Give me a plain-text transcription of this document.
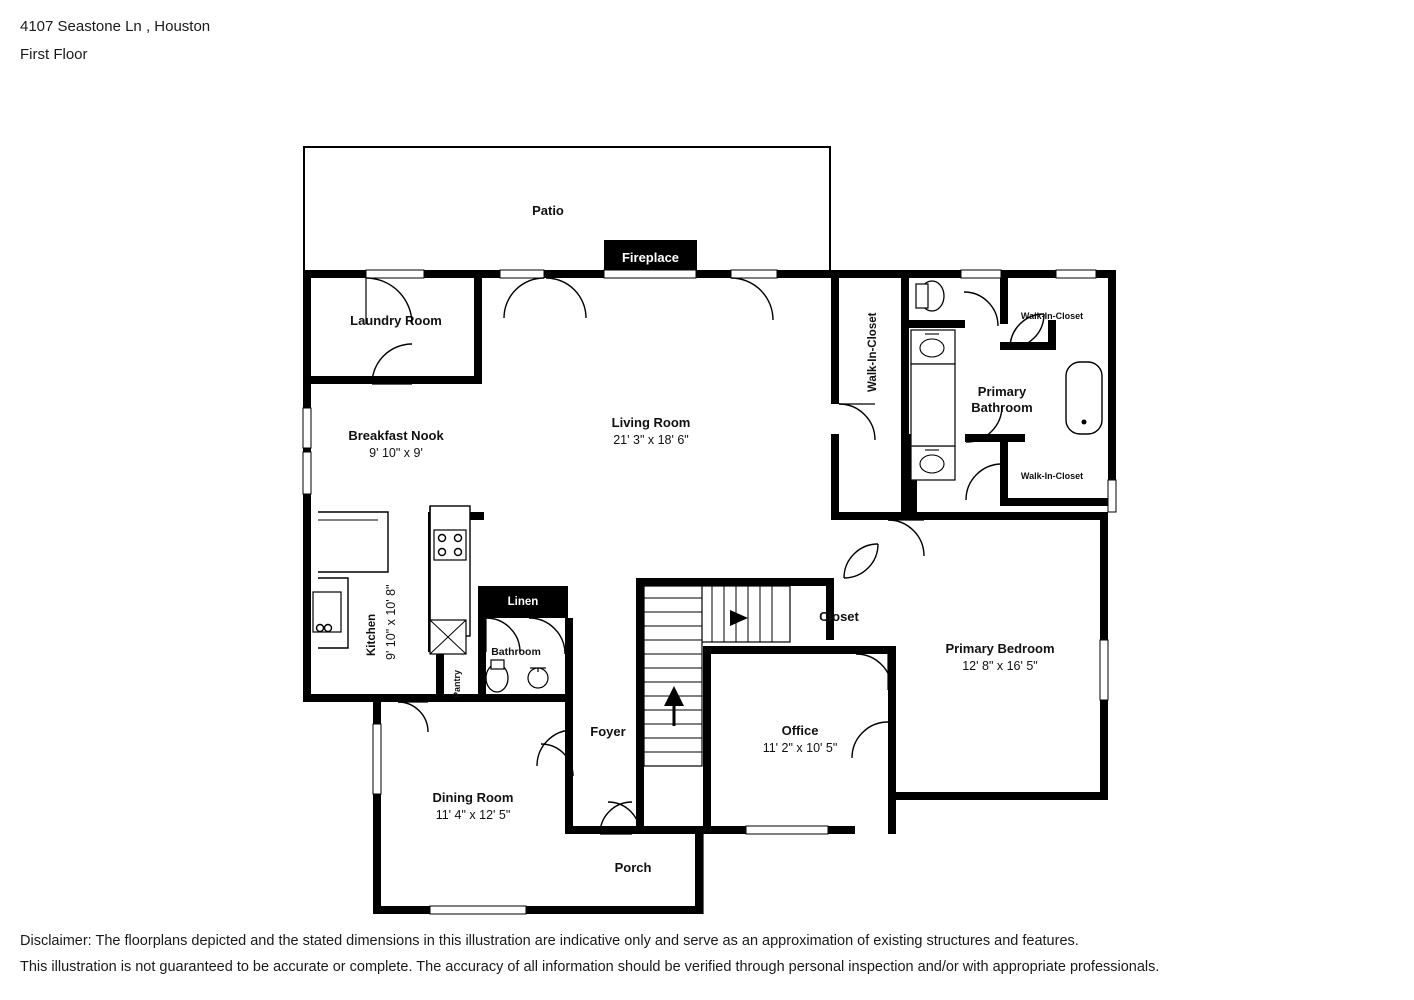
4107 Seastone Ln , Houston
First Floor
Fireplace
Linen
Patio
Laundry Room
Breakfast Nook
9' 10" x 9'
Living Room
21' 3" x 18' 6"
Kitchen 9' 10" x 10' 8"
Pantry
Bathroom
Foyer
Dining Room
11' 4" x 12' 5"
Porch
Office
11' 2" x 10' 5"
Closet
Primary Bedroom
12' 8" x 16' 5"
Primary
Bathroom
Walk-In-Closet	Walk-In-Closet
Walk-In-Closet
Disclaimer: The floorplans depicted and the stated dimensions in this illustration are indicative only and serve as an approximation of existing structures and features.
This illustration is not guaranteed to be accurate or complete. The accuracy of all information should be verified through personal inspection and/or with appropriate professionals.
